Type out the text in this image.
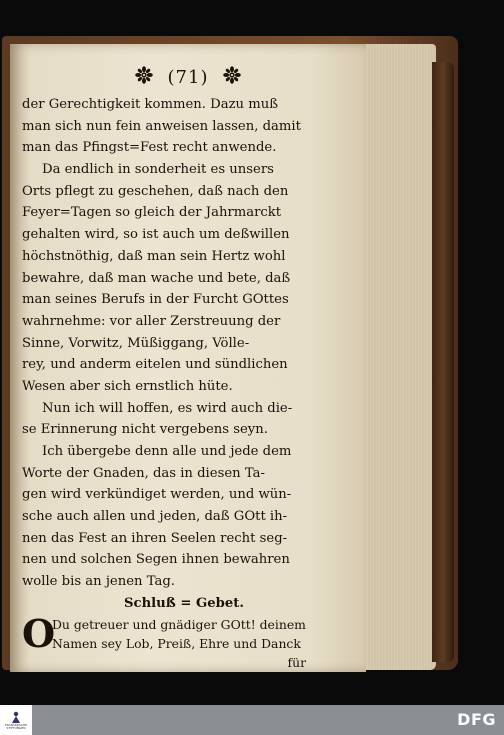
(71)
der Gerechtigkeit kommen. Dazu muß
man sich nun fein anweisen lassen, damit
man das Pfingst=Fest recht anwende.
Da endlich in sonderheit es unsers
Orts pflegt zu geschehen, daß nach den
Feyer=Tagen so gleich der Jahrmarckt
gehalten wird, so ist auch um deßwillen
höchstnöthig, daß man sein Hertz wohl
bewahre, daß man wache und bete, daß
man seines Berufs in der Furcht GOttes
wahrnehme: vor aller Zerstreuung der
Sinne, Vorwitz, Müßiggang, Völle-
rey, und anderm eitelen und sündlichen
Wesen aber sich ernstlich hüte.
Nun ich will hoffen, es wird auch die-
se Erinnerung nicht vergebens seyn.
Ich übergebe denn alle und jede dem
Worte der Gnaden, das in diesen Ta-
gen wird verkündiget werden, und wün-
sche auch allen und jeden, daß GOtt ih-
nen das Fest an ihren Seelen recht seg-
nen und solchen Segen ihnen bewahren
wolle bis an jenen Tag.
Schluß = Gebet.
O
Du getreuer und gnädiger GOtt! deinem
Namen sey Lob, Preiß, Ehre und Danck
für
FRANCKESCHE STIFTUNGEN	DFG
